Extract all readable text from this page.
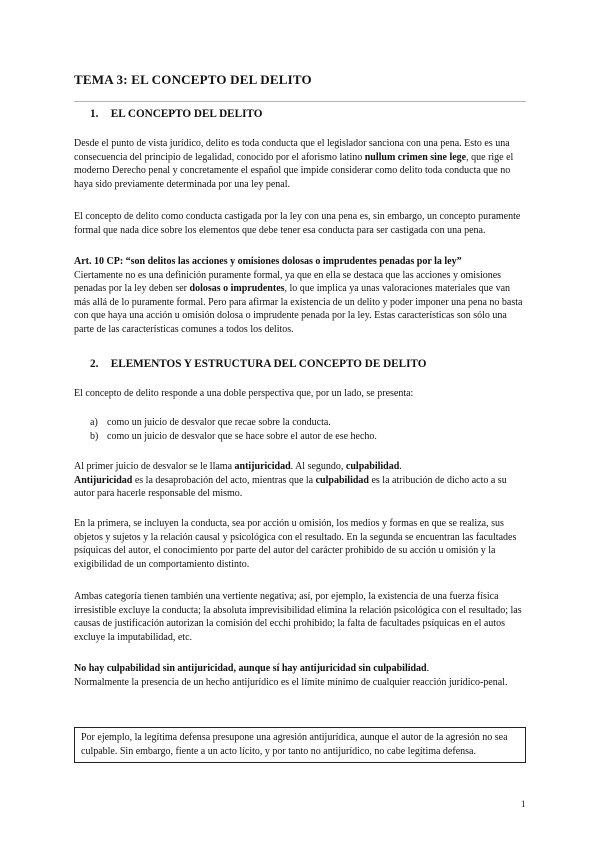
TEMA 3: EL CONCEPTO DEL DELITO
1. EL CONCEPTO DEL DELITO

Desde el punto de vista jurídico, delito es toda conducta que el legislador sanciona con una pena. Esto es una consecuencia del principio de legalidad, conocido por el aforismo latino nullum crimen sine lege, que rige el moderno Derecho penal y concretamente el español que impide considerar como delito toda conducta que no haya sido previamente determinada por una ley penal.

El concepto de delito como conducta castigada por la ley con una pena es, sin embargo, un concepto puramente formal que nada dice sobre los elementos que debe tener esa conducta para ser castigada con una pena.

Art. 10 CP: “son delitos las acciones y omisiones dolosas o imprudentes penadas por la ley”
Ciertamente no es una definición puramente formal, ya que en ella se destaca que las acciones y omisiones penadas por la ley deben ser dolosas o imprudentes, lo que implica ya unas valoraciones materiales que van más allá de lo puramente formal. Pero para afirmar la existencia de un delito y poder imponer una pena no basta con que haya una acción u omisión dolosa o imprudente penada por la ley. Estas características son sólo una parte de las características comunes a todos los delitos.

2. ELEMENTOS Y ESTRUCTURA DEL CONCEPTO DE DELITO

El concepto de delito responde a una doble perspectiva que, por un lado, se presenta:

a) como un juicio de desvalor que recae sobre la conducta.
b) como un juicio de desvalor que se hace sobre el autor de ese hecho.

Al primer juicio de desvalor se le llama antijuricidad. Al segundo, culpabilidad.
Antijuricidad es la desaprobación del acto, mientras que la culpabilidad es la atribución de dicho acto a su autor para hacerle responsable del mismo.

En la primera, se incluyen la conducta, sea por acción u omisión, los medios y formas en que se realiza, sus objetos y sujetos y la relación causal y psicológica con el resultado. En la segunda se encuentran las facultades psíquicas del autor, el conocimiento por parte del autor del carácter prohibido de su acción u omisión y la exigibilidad de un comportamiento distinto.

Ambas categoría tienen también una vertiente negativa; así, por ejemplo, la existencia de una fuerza física irresistible excluye la conducta; la absoluta imprevisibilidad elimina la relación psicológica con el resultado; las causas de justificación autorizan la comisión del ecchi prohibido; la falta de facultades psíquicas en el autos excluye la imputabilidad, etc.

No hay culpabilidad sin antijuricidad, aunque sí hay antijuricidad sin culpabilidad.
Normalmente la presencia de un hecho antijurídico es el límite mínimo de cualquier reacción jurídico-penal.

Por ejemplo, la legítima defensa presupone una agresión antijurídica, aunque el autor de la agresión no sea culpable. Sin embargo, fiente a un acto lícito, y por tanto no antijurídico, no cabe legítima defensa.
1
